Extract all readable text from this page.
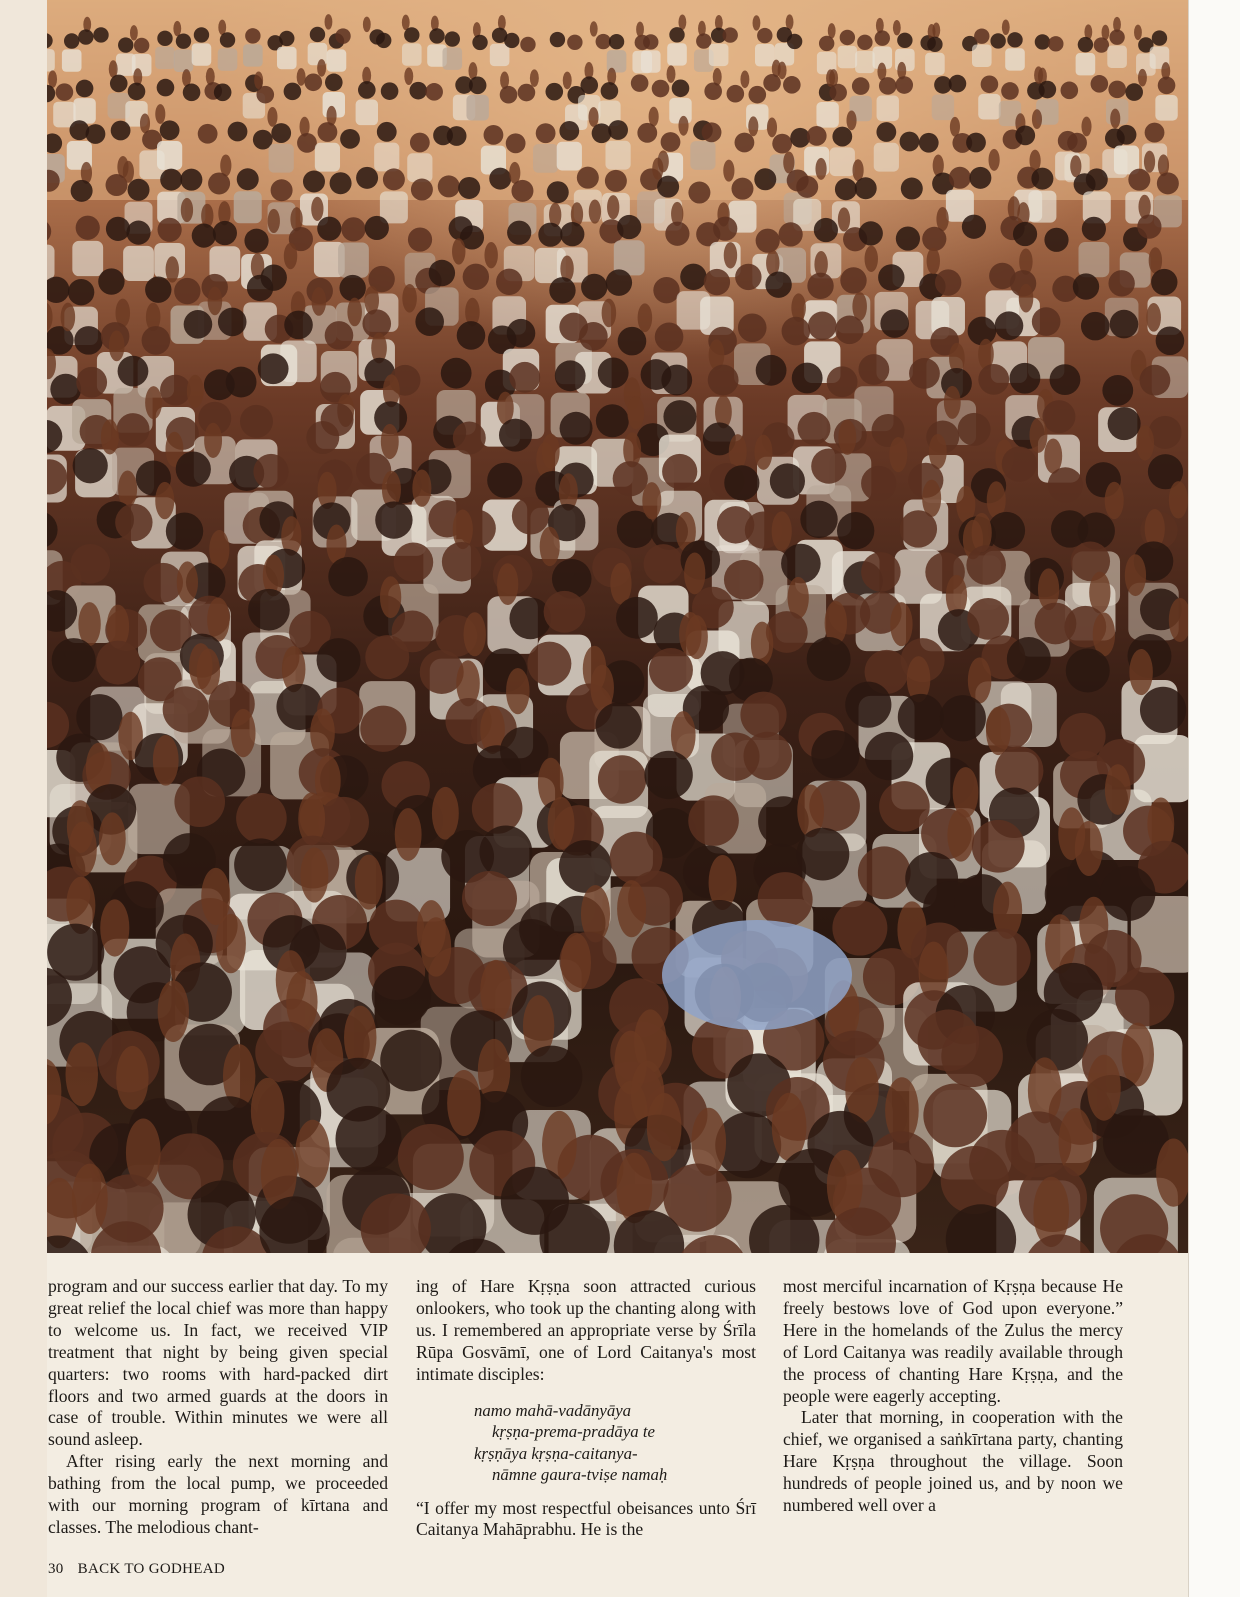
program and our success earlier that day. To my great relief the local chief was more than happy to welcome us. In fact, we received VIP treatment that night by being given special quarters: two rooms with hard-packed dirt floors and two armed guards at the doors in case of trouble. Within minutes we were all sound asleep.

After rising early the next morning and bathing from the local pump, we proceeded with our morning program of kīrtana and classes. The melodious chant-

ing of Hare Kṛṣṇa soon attracted curious onlookers, who took up the chanting along with us. I remembered an appropriate verse by Śrīla Rūpa Gosvāmī, one of Lord Caitanya's most intimate disciples:

namo mahā-vadānyāya
kṛṣṇa-prema-pradāya te
kṛṣṇāya kṛṣṇa-caitanya-
nāmne gaura-tviṣe namaḥ

“I offer my most respectful obeisances unto Śrī Caitanya Mahāprabhu. He is the

most merciful incarnation of Kṛṣṇa because He freely bestows love of God upon everyone.” Here in the homelands of the Zulus the mercy of Lord Caitanya was readily available through the process of chanting Hare Kṛṣṇa, and the people were eagerly accepting.

Later that morning, in cooperation with the chief, we organised a saṅkīrtana party, chanting Hare Kṛṣṇa throughout the village. Soon hundreds of people joined us, and by noon we numbered well over a

30 BACK TO GODHEAD
